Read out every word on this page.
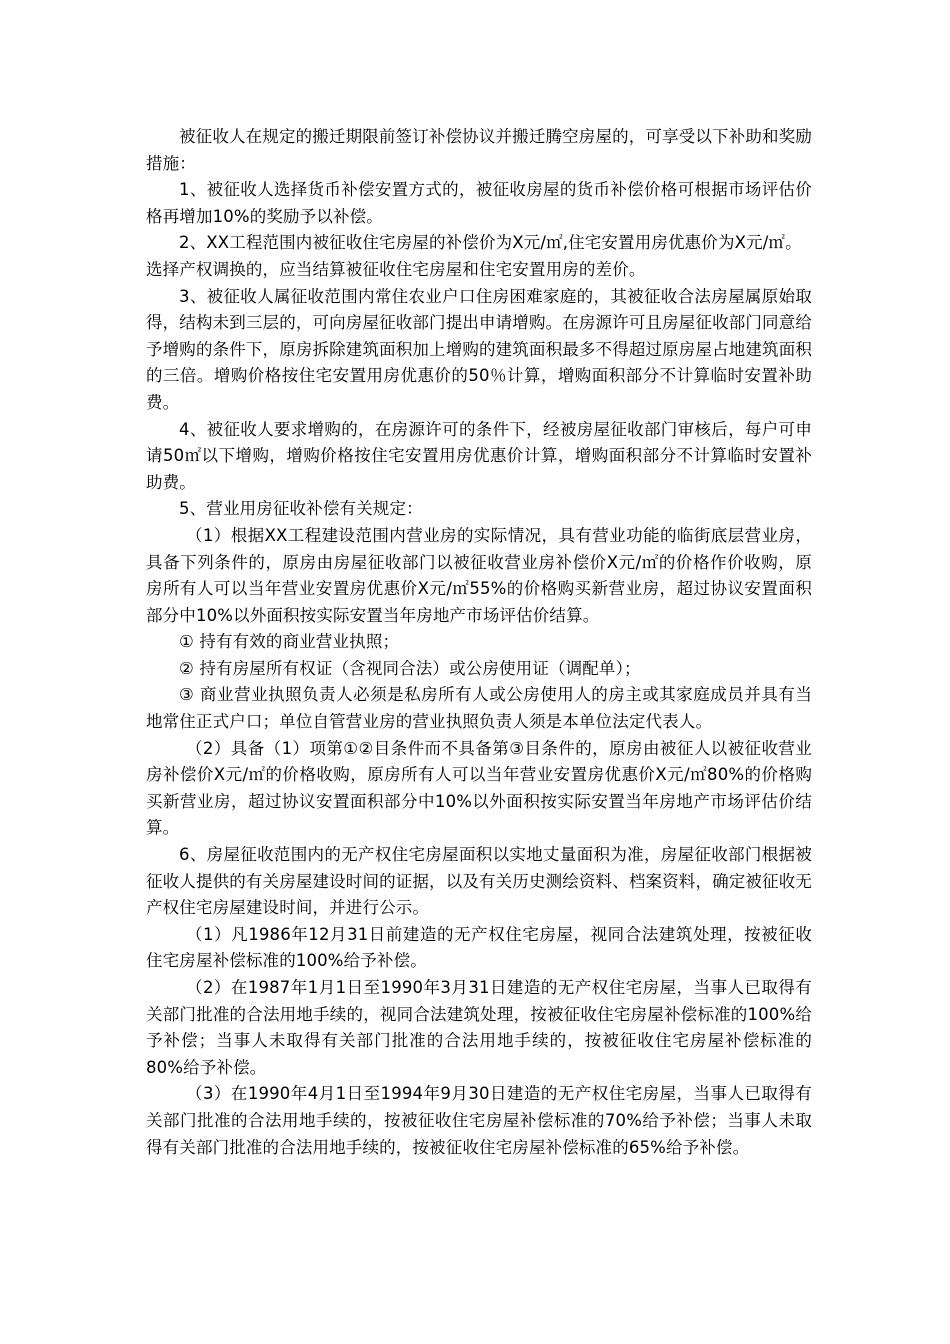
被征收人在规定的搬迁期限前签订补偿协议并搬迁腾空房屋的，可享受以下补助和奖励措施：

1、被征收人选择货币补偿安置方式的，被征收房屋的货币补偿价格可根据市场评估价格再增加10%的奖励予以补偿。

2、XX工程范围内被征收住宅房屋的补偿价为X元/㎡,住宅安置用房优惠价为X元/㎡。

选择产权调换的，应当结算被征收住宅房屋和住宅安置用房的差价。

3、被征收人属征收范围内常住农业户口住房困难家庭的，其被征收合法房屋属原始取得，结构未到三层的，可向房屋征收部门提出申请增购。在房源许可且房屋征收部门同意给予增购的条件下，原房拆除建筑面积加上增购的建筑面积最多不得超过原房屋占地建筑面积的三倍。增购价格按住宅安置用房优惠价的50％计算，增购面积部分不计算临时安置补助费。

4、被征收人要求增购的，在房源许可的条件下，经被房屋征收部门审核后，每户可申请50㎡以下增购，增购价格按住宅安置用房优惠价计算，增购面积部分不计算临时安置补助费。

5、营业用房征收补偿有关规定：

（1）根据XX工程建设范围内营业房的实际情况，具有营业功能的临街底层营业房，具备下列条件的，原房由房屋征收部门以被征收营业房补偿价X元/㎡的价格作价收购，原房所有人可以当年营业安置房优惠价X元/㎡55%的价格购买新营业房，超过协议安置面积部分中10%以外面积按实际安置当年房地产市场评估价结算。

① 持有有效的商业营业执照；

② 持有房屋所有权证（含视同合法）或公房使用证（调配单）；

③ 商业营业执照负责人必须是私房所有人或公房使用人的房主或其家庭成员并具有当地常住正式户口；单位自管营业房的营业执照负责人须是本单位法定代表人。

（2）具备（1）项第①②目条件而不具备第③目条件的，原房由被征人以被征收营业房补偿价X元/㎡的价格收购，原房所有人可以当年营业安置房优惠价X元/㎡80%的价格购买新营业房，超过协议安置面积部分中10%以外面积按实际安置当年房地产市场评估价结算。

6、房屋征收范围内的无产权住宅房屋面积以实地丈量面积为准，房屋征收部门根据被征收人提供的有关房屋建设时间的证据，以及有关历史测绘资料、档案资料，确定被征收无产权住宅房屋建设时间，并进行公示。

（1）凡1986年12月31日前建造的无产权住宅房屋，视同合法建筑处理，按被征收住宅房屋补偿标准的100%给予补偿。

（2）在1987年1月1日至1990年3月31日建造的无产权住宅房屋，当事人已取得有关部门批准的合法用地手续的，视同合法建筑处理，按被征收住宅房屋补偿标准的100%给予补偿；当事人未取得有关部门批准的合法用地手续的，按被征收住宅房屋补偿标准的80%给予补偿。

（3）在1990年4月1日至1994年9月30日建造的无产权住宅房屋，当事人已取得有关部门批准的合法用地手续的，按被征收住宅房屋补偿标准的70%给予补偿；当事人未取得有关部门批准的合法用地手续的，按被征收住宅房屋补偿标准的65%给予补偿。
